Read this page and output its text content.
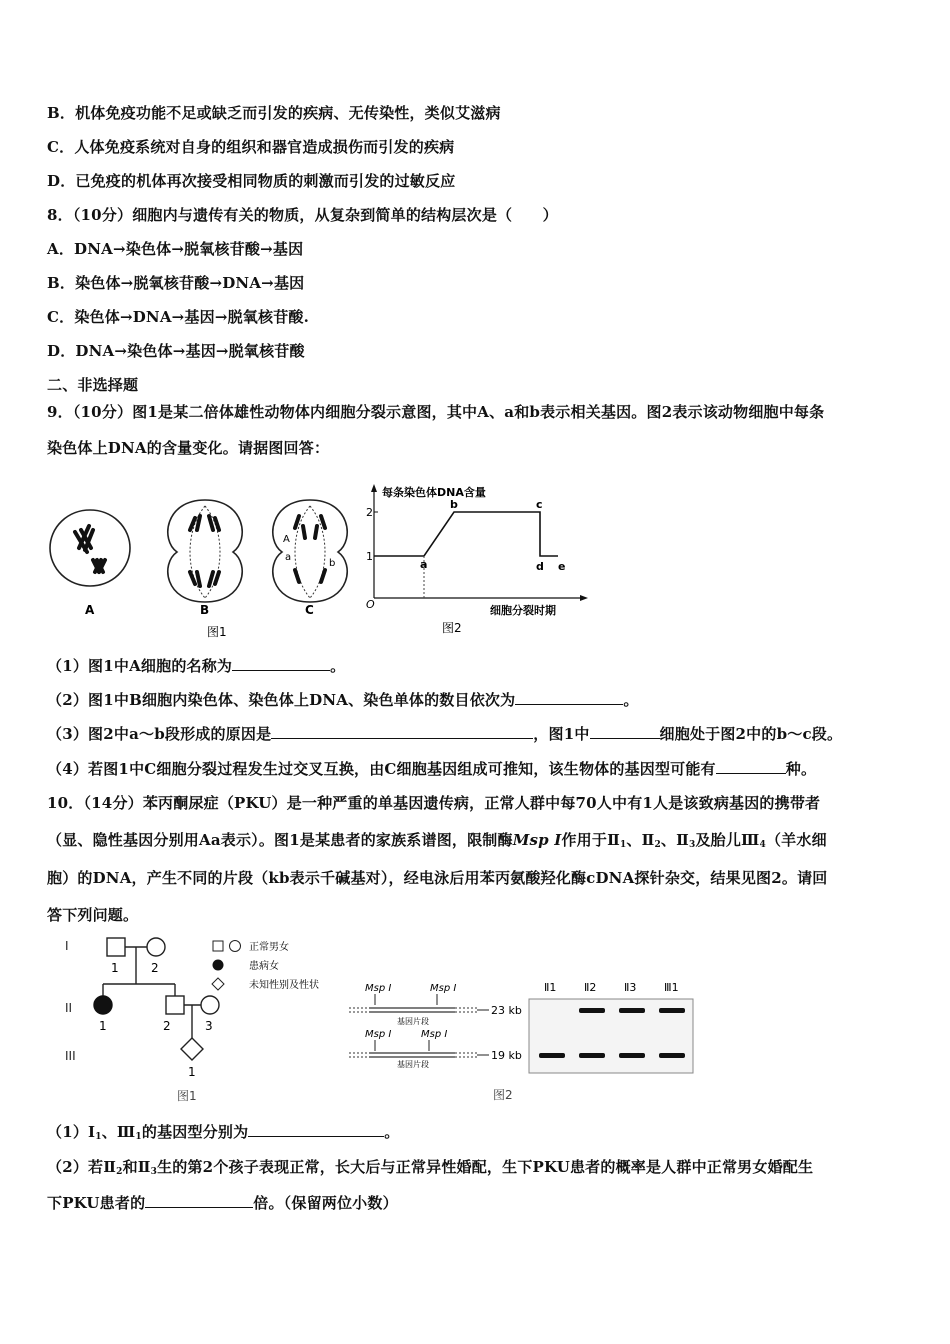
B．机体免疫功能不足或缺乏而引发的疾病、无传染性，类似艾滋病
C．人体免疫系统对自身的组织和器官造成损伤而引发的疾病
D．已免疫的机体再次接受相同物质的刺激而引发的过敏反应
8．（10分）细胞内与遗传有关的物质，从复杂到简单的结构层次是（　　）
A．DNA→染色体→脱氧核苷酸→基因
B．染色体→脱氧核苷酸→DNA→基因
C．染色体→DNA→基因→脱氧核苷酸.
D．DNA→染色体→基因→脱氧核苷酸
二、非选择题
9．（10分）图1是某二倍体雄性动物体内细胞分裂示意图，其中A、a和b表示相关基因。图2表示该动物细胞中每条
染色体上DNA的含量变化。请据图回答：
A	B
A
a
b
C
图1
每条染色体DNA含量
细胞分裂时期
O
1
2
a
b	c
d e
图2
（1）图1中A细胞的名称为	。
（2）图1中B细胞内染色体、染色体上DNA、染色单体的数目依次为	。
（3）图2中a～b段形成的原因是	，图1中	细胞处于图2中的b～c段。
（4）若图1中C细胞分裂过程发生过交叉互换，由C细胞基因组成可推知，该生物体的基因型可能有	种。
10．（14分）苯丙酮尿症（PKU）是一种严重的单基因遗传病，正常人群中每70人中有1人是该致病基因的携带者
（显、隐性基因分别用Aa表示）。图1是某患者的家族系谱图，限制酶Msp I作用于$Ⅱ_1$、$Ⅱ_2$、$Ⅱ_3$及胎儿$Ⅲ_4$（羊水细
胞）的DNA，产生不同的片段（kb表示千碱基对），经电泳后用苯丙氨酸羟化酶cDNA探针杂交，结果见图2。请回
答下列问题。
I
II
III
1	2
1	2	3
1
正常男女
患病女
未知性别及性状
图1
Msp I	Msp I
23 kb
基因片段
Msp I	Msp I
19 kb
基因片段
Ⅱ1	Ⅱ2	Ⅱ3	Ⅲ1
图2
$(1)I_1$、$Ⅲ_1$的基因型分别为	。
（2）若$Ⅱ_2$和$Ⅱ_3$生的第2个孩子表现正常，长大后与正常异性婚配，生下PKU患者的概率是人群中正常男女婚配生
下PKU患者的	倍。（保留两位小数）
